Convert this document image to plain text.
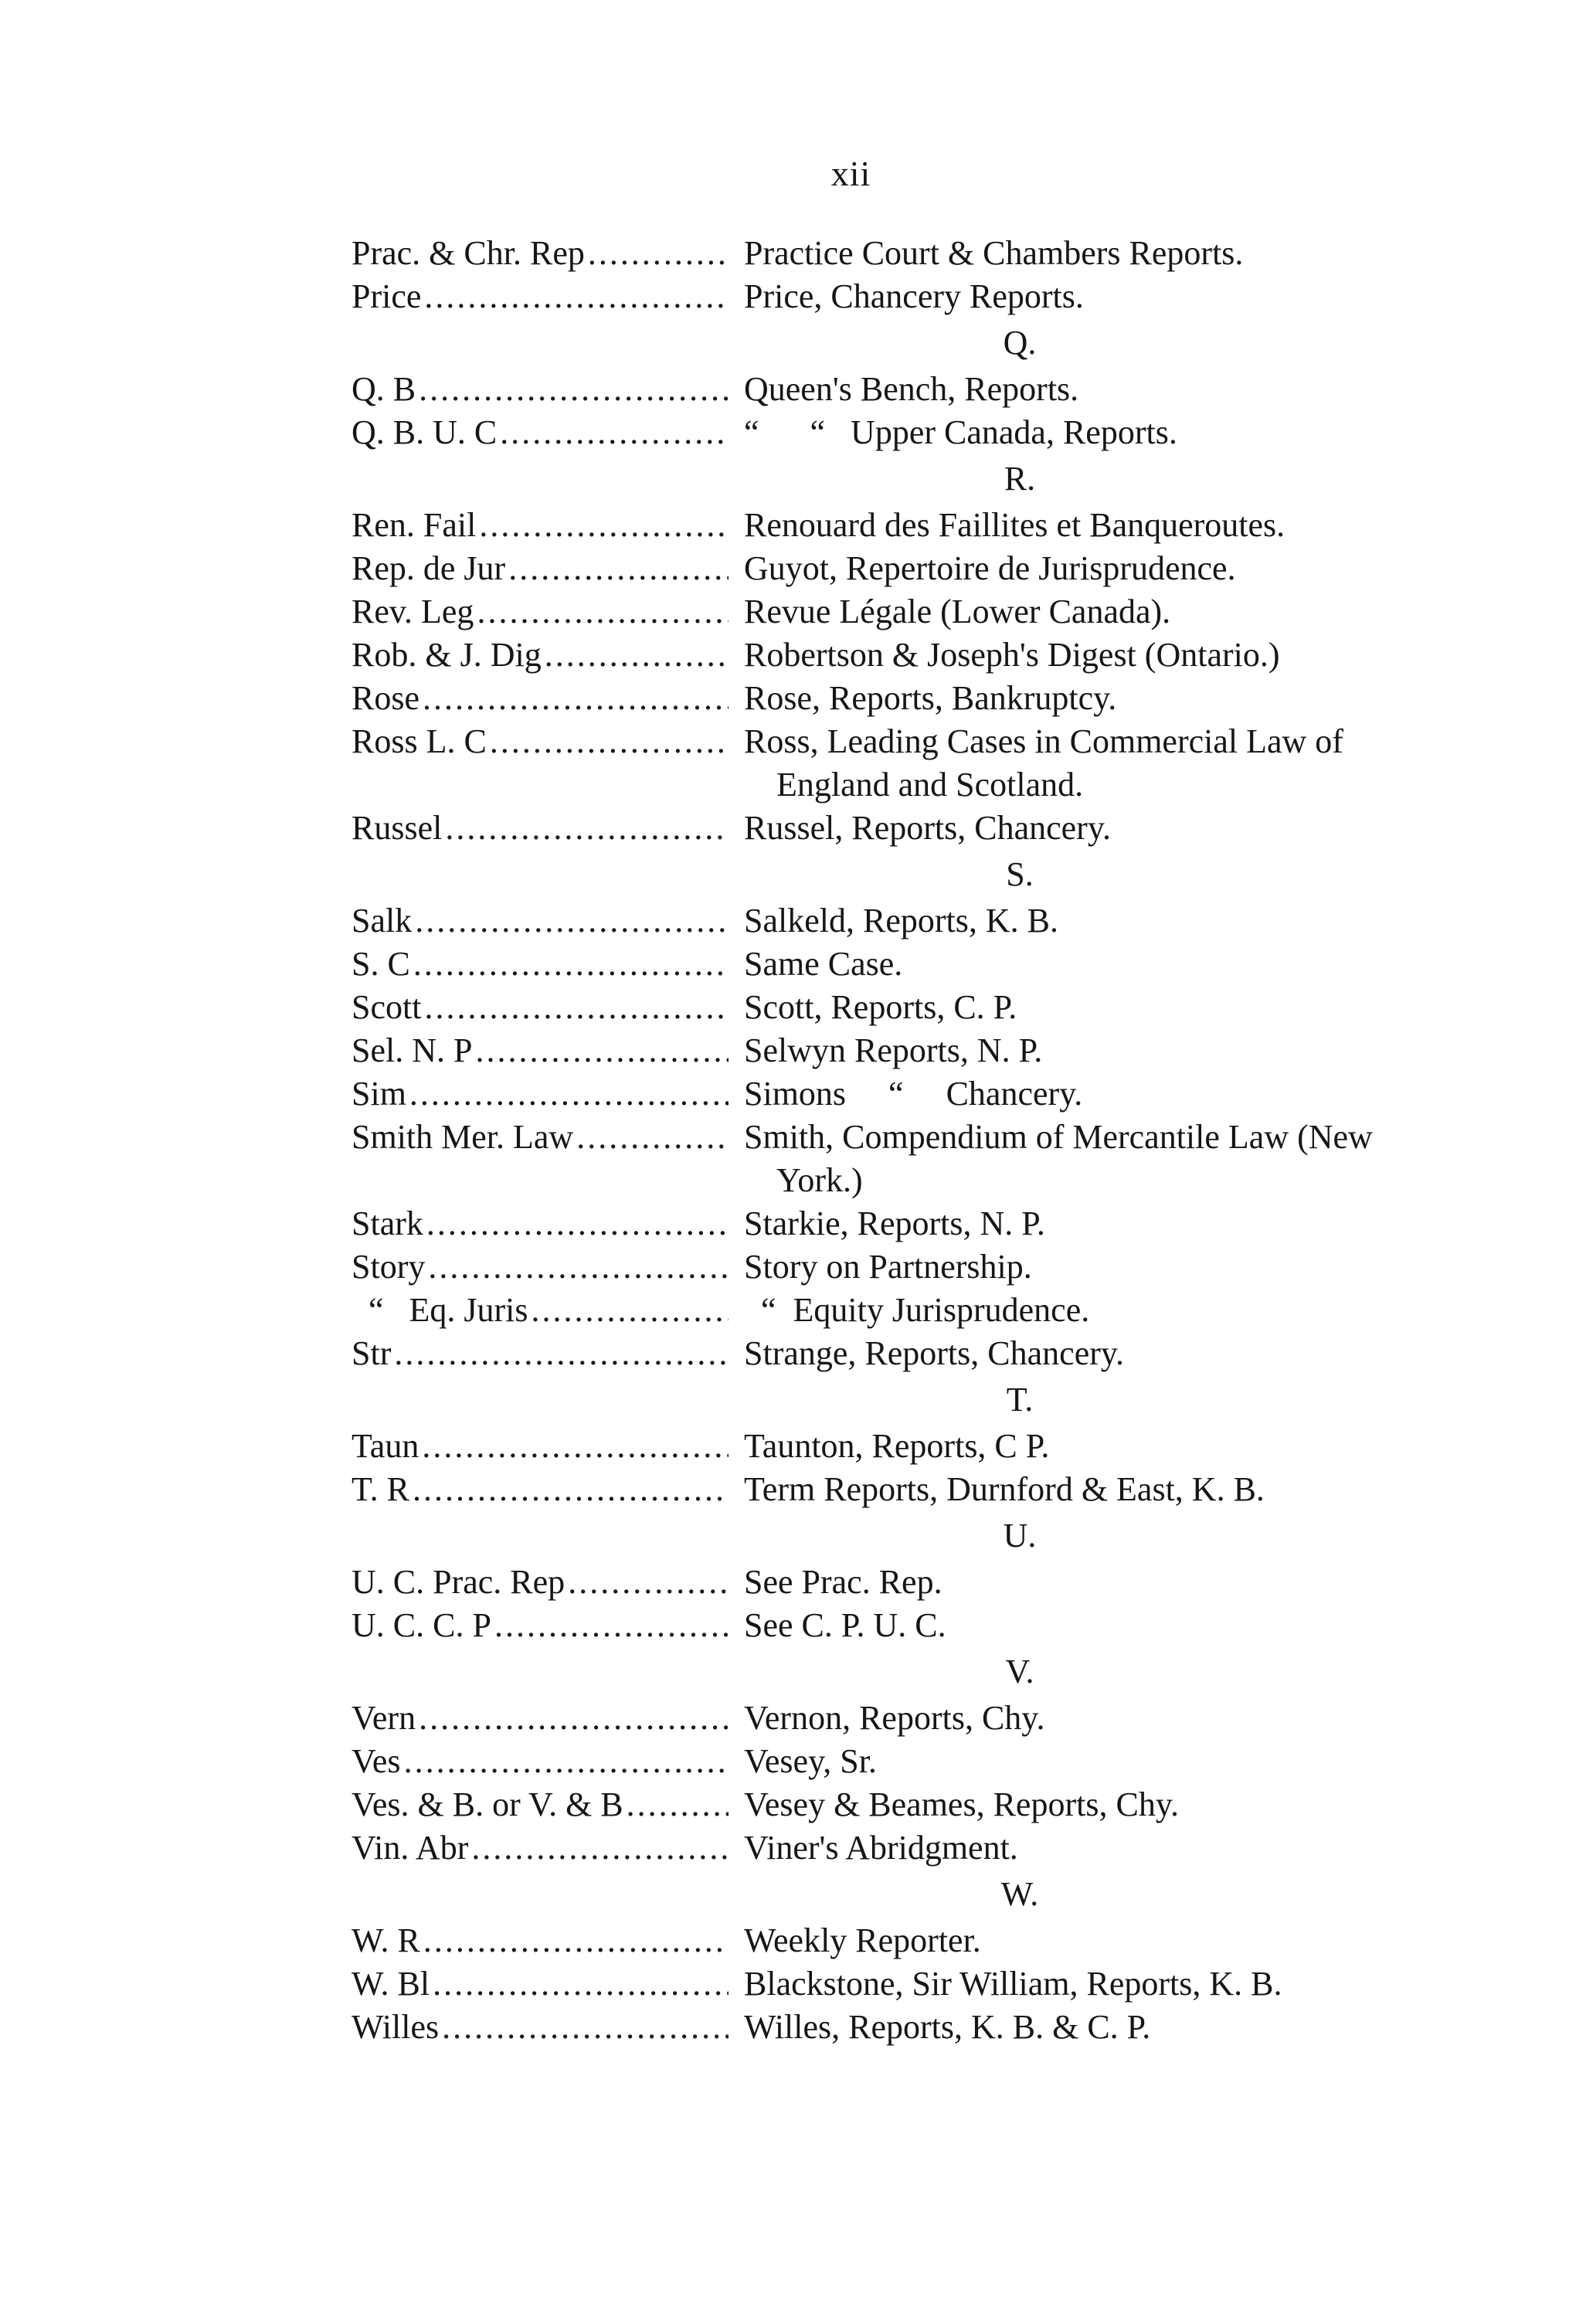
xii
Prac. & Chr. Rep .....	Practice Court & Chambers Reports.
Price .....	Price, Chancery Reports.
Q.
Q. B .....	Queen's Bench, Reports.
Q. B. U. C .....	“      “   Upper Canada, Reports.
R.
Ren. Fail .....	Renouard des Faillites et Banqueroutes.
Rep. de Jur .....	Guyot, Repertoire de Jurisprudence.
Rev. Leg .....	Revue Légale (Lower Canada).
Rob. & J. Dig .....	Robertson & Joseph's Digest (Ontario.)
Rose .....	Rose, Reports, Bankruptcy.
Ross L. C .....	Ross, Leading Cases in Commercial Law of
England and Scotland.
Russel .....	Russel, Reports, Chancery.
S.
Salk .....	Salkeld, Reports, K. B.
S. C .....	Same Case.
Scott .....	Scott, Reports, C. P.
Sel. N. P .....	Selwyn Reports, N. P.
Sim .....	Simons     “     Chancery.
Smith Mer. Law .....	Smith, Compendium of Mercantile Law (New
York.)
Stark .....	Starkie, Reports, N. P.
Story .....	Story on Partnership.
“   Eq. Juris .....	“  Equity Jurisprudence.
Str .....	Strange, Reports, Chancery.
T.
Taun .....	Taunton, Reports, C P.
T. R .....	Term Reports, Durnford & East, K. B.
U.
U. C. Prac. Rep .....	See Prac. Rep.
U. C. C. P .....	See C. P. U. C.
V.
Vern .....	Vernon, Reports, Chy.
Ves .....	Vesey, Sr.
Ves. & B. or V. & B .....	Vesey & Beames, Reports, Chy.
Vin. Abr .....	Viner's Abridgment.
W.
W. R .....	Weekly Reporter.
W. Bl .....	Blackstone, Sir William, Reports, K. B.
Willes .....	Willes, Reports, K. B. & C. P.
